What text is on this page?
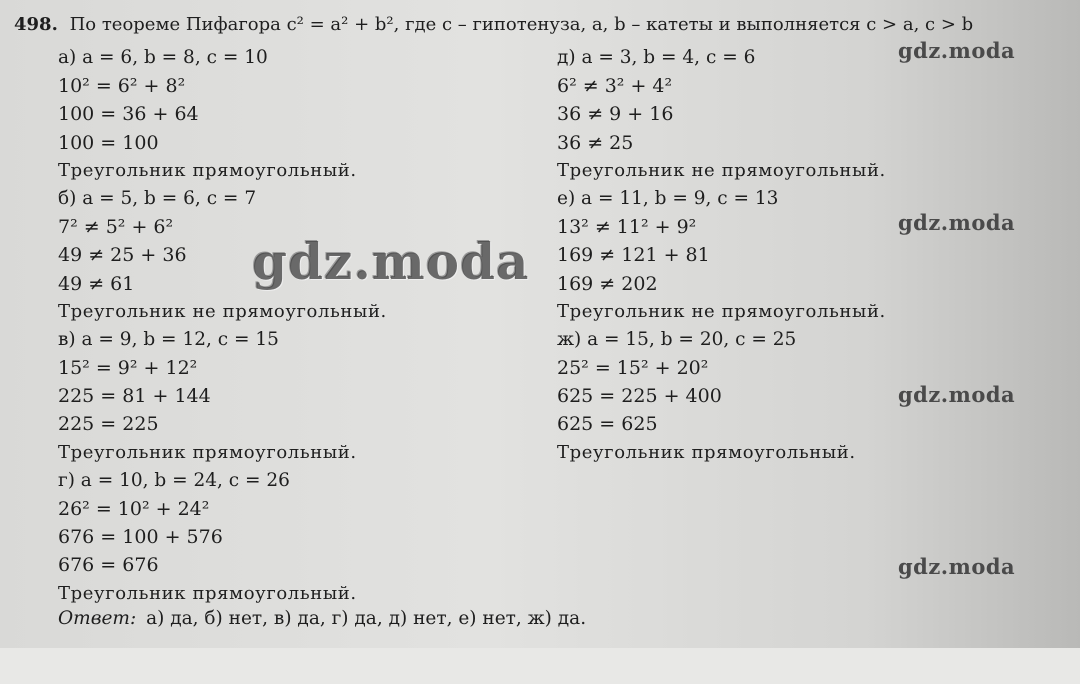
498. По теореме Пифагора c² = a² + b², где c – гипотенуза, a, b – катеты и выполняется c > a, c > b
а) a = 6, b = 8, c = 10
10² = 6² + 8²
100 = 36 + 64
100 = 100
Треугольник прямоугольный.
б) a = 5, b = 6, c = 7
7² ≠ 5² + 6²
49 ≠ 25 + 36
49 ≠ 61
Треугольник не прямоугольный.
в) a = 9, b = 12, c = 15
15² = 9² + 12²
225 = 81 + 144
225 = 225
Треугольник прямоугольный.
г) a = 10, b = 24, c = 26
26² = 10² + 24²
676 = 100 + 576
676 = 676
Треугольник прямоугольный.
д) a = 3, b = 4, c = 6
6² ≠ 3² + 4²
36 ≠ 9 + 16
36 ≠ 25
Треугольник не прямоугольный.
е) a = 11, b = 9, c = 13
13² ≠ 11² + 9²
169 ≠ 121 + 81
169 ≠ 202
Треугольник не прямоугольный.
ж) a = 15, b = 20, c = 25
25² = 15² + 20²
625 = 225 + 400
625 = 625
Треугольник прямоугольный.
Ответ: а) да, б) нет, в) да, г) да, д) нет, е) нет, ж) да.
gdz.moda
gdz.moda
gdz.moda
gdz.moda
gdz.moda
